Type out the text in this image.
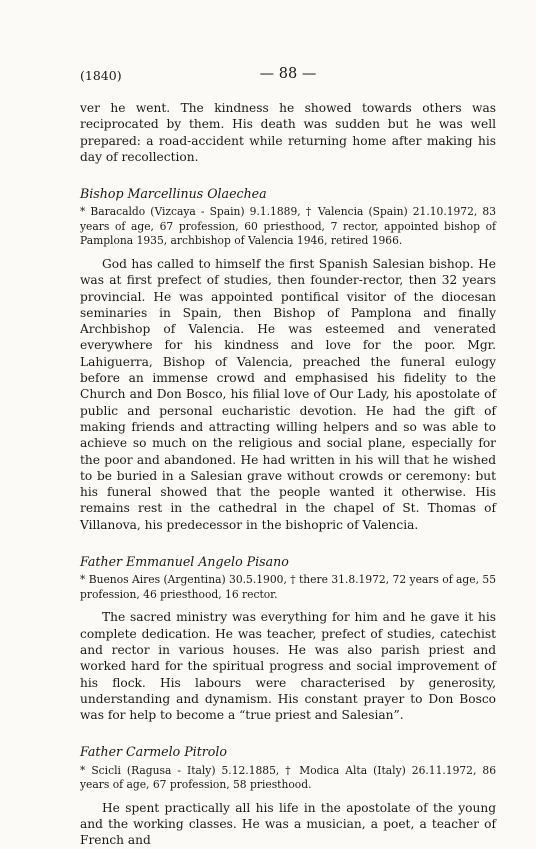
(1840)	— 88 —

ver he went. The kindness he showed towards others was reciprocated by them. His death was sudden but he was well prepared: a road-accident while returning home after making his day of recollection.

Bishop Marcellinus Olaechea

* Baracaldo (Vizcaya - Spain) 9.1.1889, † Valencia (Spain) 21.10.1972, 83 years of age, 67 profession, 60 priesthood, 7 rector, appointed bishop of Pamplona 1935, archbishop of Valencia 1946, retired 1966.

God has called to himself the first Spanish Salesian bishop. He was at first prefect of studies, then founder-rector, then 32 years provincial. He was appointed pontifical visitor of the diocesan seminaries in Spain, then Bishop of Pamplona and finally Archbishop of Valencia. He was esteemed and venerated everywhere for his kindness and love for the poor. Mgr. Lahiguerra, Bishop of Valencia, preached the funeral eulogy before an immense crowd and emphasised his fidelity to the Church and Don Bosco, his filial love of Our Lady, his apostolate of public and personal eucharistic devotion. He had the gift of making friends and attracting willing helpers and so was able to achieve so much on the religious and social plane, especially for the poor and abandoned. He had written in his will that he wished to be buried in a Salesian grave without crowds or ceremony: but his funeral showed that the people wanted it otherwise. His remains rest in the cathedral in the chapel of St. Thomas of Villanova, his predecessor in the bishopric of Valencia.

Father Emmanuel Angelo Pisano

* Buenos Aires (Argentina) 30.5.1900, † there 31.8.1972, 72 years of age, 55 profession, 46 priesthood, 16 rector.

The sacred ministry was everything for him and he gave it his complete dedication. He was teacher, prefect of studies, catechist and rector in various houses. He was also parish priest and worked hard for the spiritual progress and social improvement of his flock. His labours were characterised by generosity, understanding and dynamism. His constant prayer to Don Bosco was for help to become a “true priest and Salesian”.

Father Carmelo Pitrolo

* Scicli (Ragusa - Italy) 5.12.1885, † Modica Alta (Italy) 26.11.1972, 86 years of age, 67 profession, 58 priesthood.

He spent practically all his life in the apostolate of the young and the working classes. He was a musician, a poet, a teacher of French and
